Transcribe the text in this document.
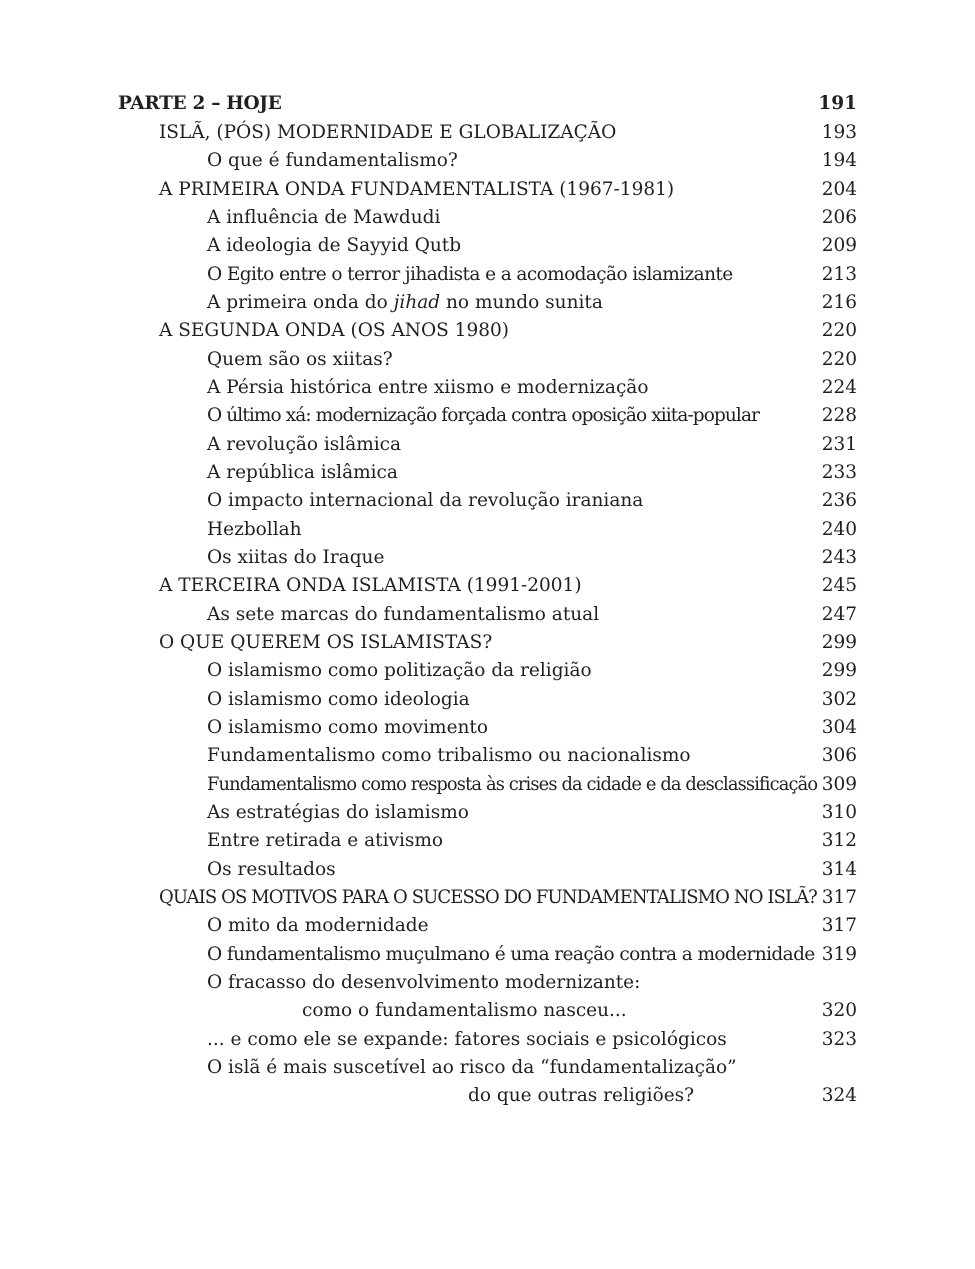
PARTE 2 – HOJE	191
ISLÃ, (PÓS) MODERNIDADE E GLOBALIZAÇÃO	193
O que é fundamentalismo?	194
A PRIMEIRA ONDA FUNDAMENTALISTA (1967-1981)	204
A influência de Mawdudi	206
A ideologia de Sayyid Qutb	209
O Egito entre o terror jihadista e a acomodação islamizante	213
A primeira onda do jihad no mundo sunita	216
A SEGUNDA ONDA (OS ANOS 1980)	220
Quem são os xiitas?	220
A Pérsia histórica entre xiismo e modernização	224
O último xá: modernização forçada contra oposição xiita-popular	228
A revolução islâmica	231
A república islâmica	233
O impacto internacional da revolução iraniana	236
Hezbollah	240
Os xiitas do Iraque	243
A TERCEIRA ONDA ISLAMISTA (1991-2001)	245
As sete marcas do fundamentalismo atual	247
O QUE QUEREM OS ISLAMISTAS?	299
O islamismo como politização da religião	299
O islamismo como ideologia	302
O islamismo como movimento	304
Fundamentalismo como tribalismo ou nacionalismo	306
Fundamentalismo como resposta às crises da cidade e da desclassificação 309
As estratégias do islamismo	310
Entre retirada e ativismo	312
Os resultados	314
QUAIS OS MOTIVOS PARA O SUCESSO DO FUNDAMENTALISMO NO ISLÃ? 317
O mito da modernidade	317
O fundamentalismo muçulmano é uma reação contra a modernidade 319
O fracasso do desenvolvimento modernizante:
como o fundamentalismo nasceu...	320
... e como ele se expande: fatores sociais e psicológicos	323
O islã é mais suscetível ao risco da “fundamentalização”
do que outras religiões?	324
